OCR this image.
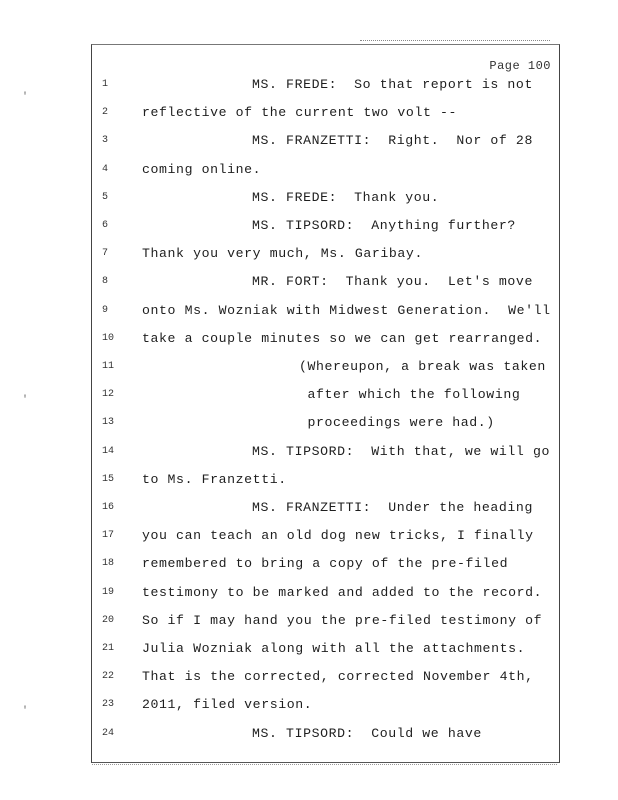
Page 100
1	MS. FREDE:  So that report is not
2	reflective of the current two volt --
3	MS. FRANZETTI:  Right.  Nor of 28
4	coming online.
5	MS. FREDE:  Thank you.
6	MS. TIPSORD:  Anything further?
7	Thank you very much, Ms. Garibay.
8	MR. FORT:  Thank you.  Let's move
9	onto Ms. Wozniak with Midwest Generation.  We'll
10	take a couple minutes so we can get rearranged.
11	(Whereupon, a break was taken
12	after which the following
13	proceedings were had.)
14	MS. TIPSORD:  With that, we will go
15	to Ms. Franzetti.
16	MS. FRANZETTI:  Under the heading
17	you can teach an old dog new tricks, I finally
18	remembered to bring a copy of the pre-filed
19	testimony to be marked and added to the record.
20	So if I may hand you the pre-filed testimony of
21	Julia Wozniak along with all the attachments.
22	That is the corrected, corrected November 4th,
23	2011, filed version.
24	MS. TIPSORD:  Could we have
'
'
'
